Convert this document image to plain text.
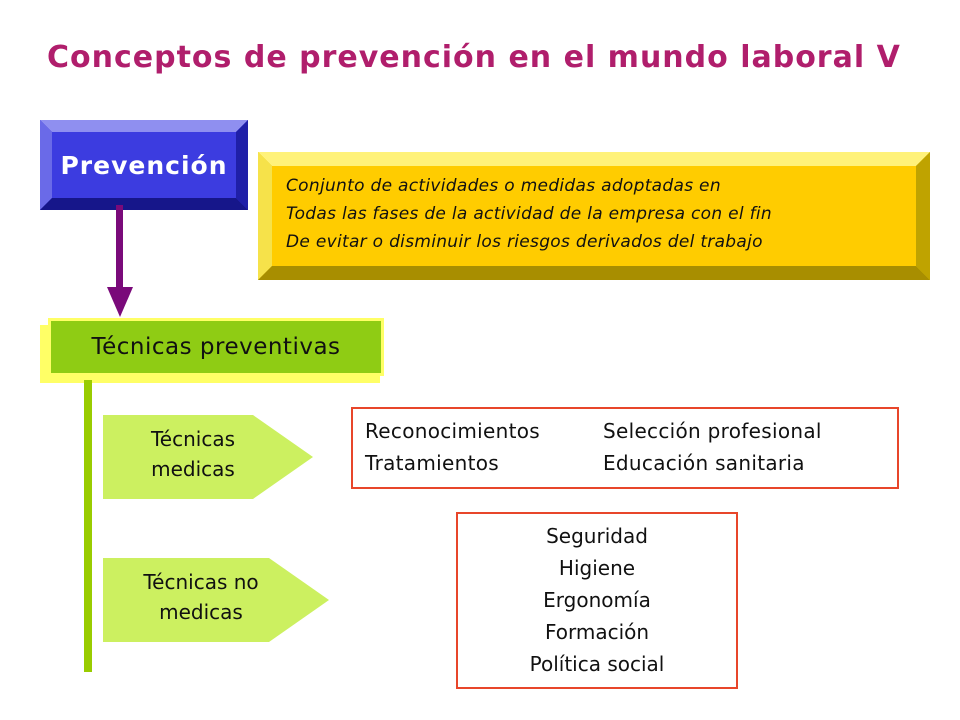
Conceptos de prevención en el mundo laboral V
Prevención
Conjunto de actividades o medidas adoptadas en
Todas las fases de la actividad de la empresa con el fin
De evitar o disminuir los riesgos derivados del trabajo
Técnicas preventivas
Técnicas
medicas
Técnicas no
medicas
Reconocimientos	Selección profesional
Tratamientos	Educación sanitaria
Seguridad
Higiene
Ergonomía
Formación
Política social
